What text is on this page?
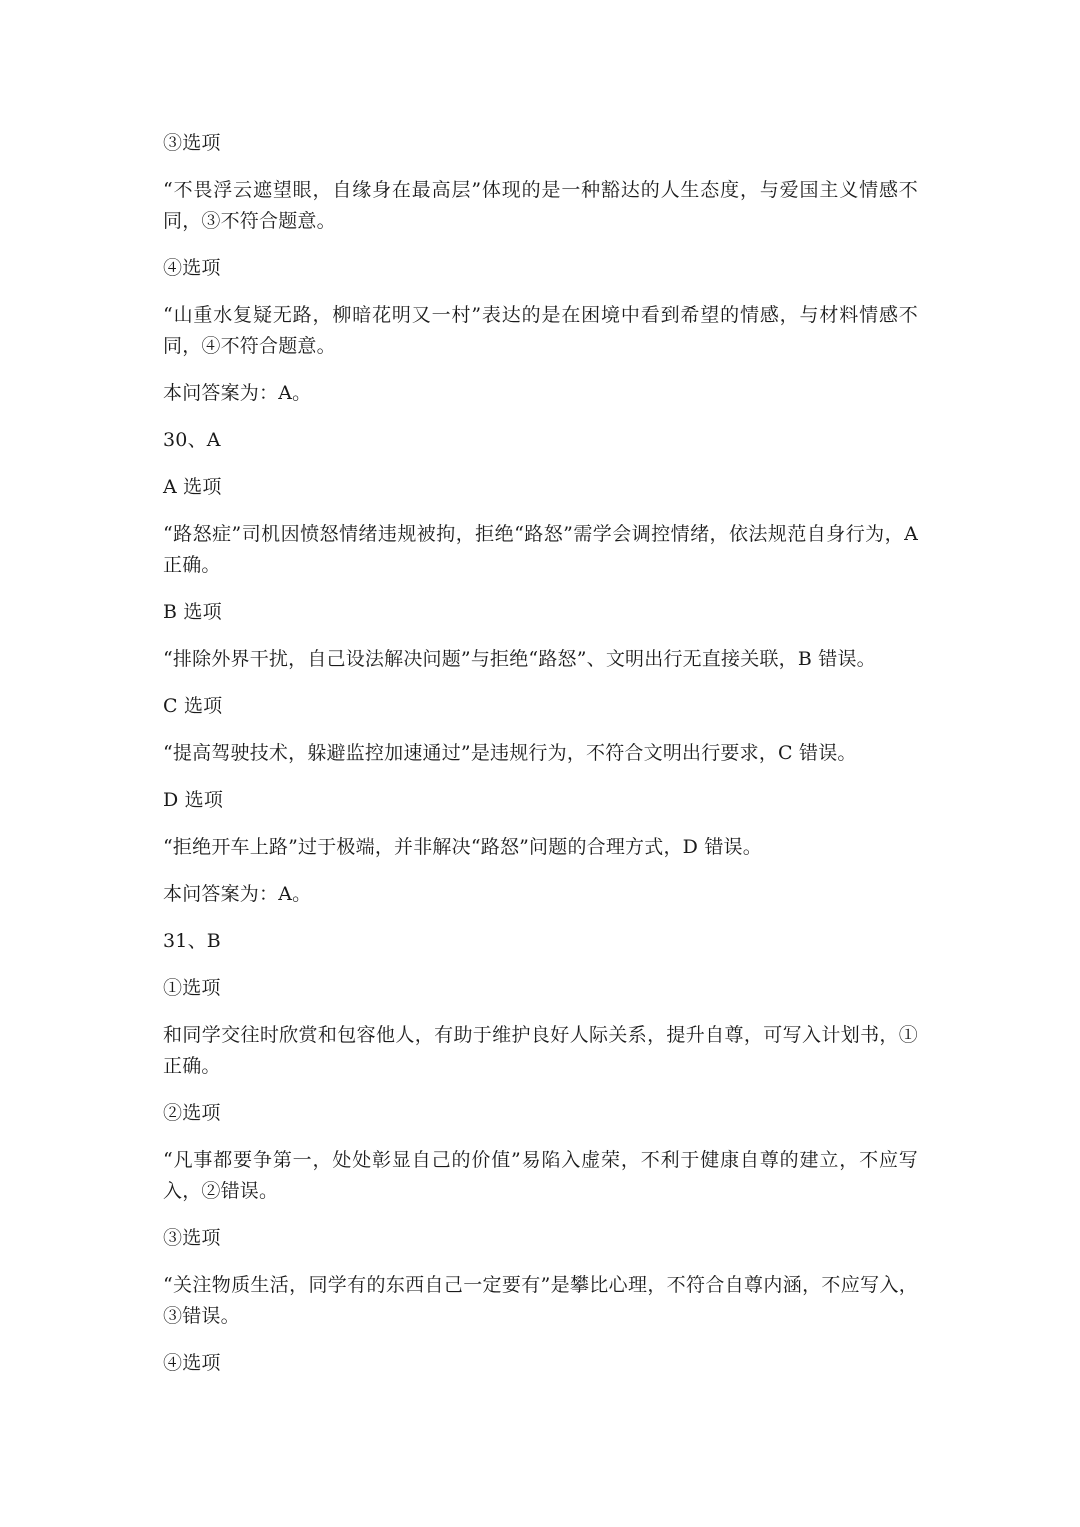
③选项

“不畏浮云遮望眼，自缘身在最高层”体现的是一种豁达的人生态度，与爱国主义情感不同，③不符合题意。

④选项

“山重水复疑无路，柳暗花明又一村”表达的是在困境中看到希望的情感，与材料情感不同，④不符合题意。

本问答案为：A。

30、A

A 选项

“路怒症”司机因愤怒情绪违规被拘，拒绝“路怒”需学会调控情绪，依法规范自身行为，A 正确。

B 选项

“排除外界干扰，自己设法解决问题”与拒绝“路怒”、文明出行无直接关联，B 错误。

C 选项

“提高驾驶技术，躲避监控加速通过”是违规行为，不符合文明出行要求，C 错误。

D 选项

“拒绝开车上路”过于极端，并非解决“路怒”问题的合理方式，D 错误。

本问答案为：A。

31、B

①选项

和同学交往时欣赏和包容他人，有助于维护良好人际关系，提升自尊，可写入计划书，①正确。

②选项

“凡事都要争第一，处处彰显自己的价值”易陷入虚荣，不利于健康自尊的建立，不应写入，②错误。

③选项

“关注物质生活，同学有的东西自己一定要有”是攀比心理，不符合自尊内涵，不应写入，③错误。

④选项
